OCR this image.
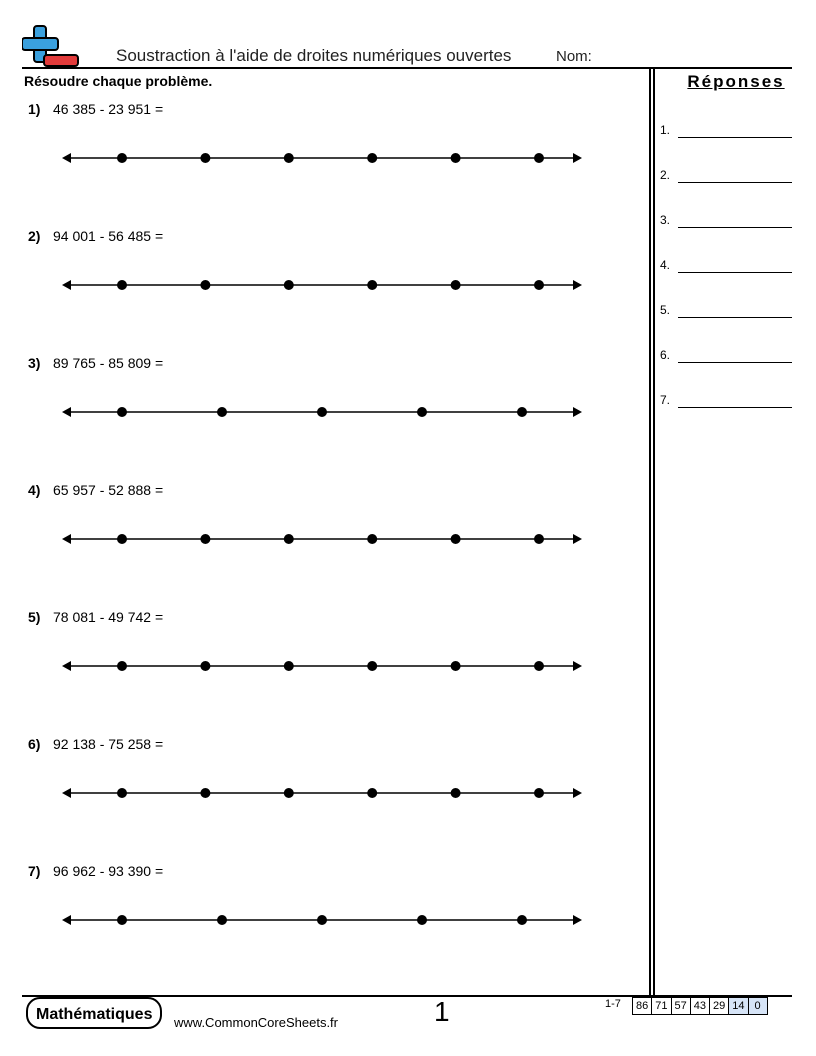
Soustraction à l'aide de droites numériques ouvertes	Nom:
Résoudre chaque problème.	Réponses
1.
2.
3.
4.
5.
6.
7.
1) 46 385 - 23 951 =
2) 94 001 - 56 485 =
3) 89 765 - 85 809 =
4) 65 957 - 52 888 =
5) 78 081 - 49 742 =
6) 92 138 - 75 258 =
7) 96 962 - 93 390 =
Mathématiques	www.CommonCoreSheets.fr	1	1-7	86 71 57 43 29 14 0
